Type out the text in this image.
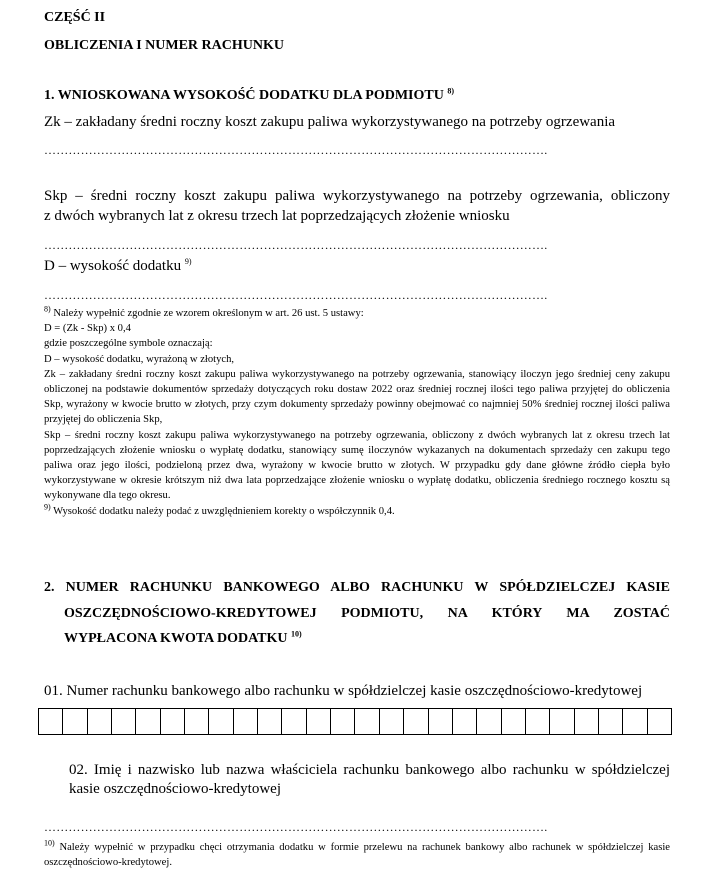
CZĘŚĆ II
OBLICZENIA I NUMER RACHUNKU
1. WNIOSKOWANA WYSOKOŚĆ DODATKU DLA PODMIOTU $^{8)}$
Zk – zakładany średni roczny koszt zakupu paliwa wykorzystywanego na potrzeby ogrzewania
…………………………………………………………………………………………………………….
Skp – średni roczny koszt zakupu paliwa wykorzystywanego na potrzeby ogrzewania, obliczony
z dwóch wybranych lat z okresu trzech lat poprzedzających złożenie wniosku
…………………………………………………………………………………………………………….
D – wysokość dodatku $^{9)}$
…………………………………………………………………………………………………………….

$^{8)}$ Należy wypełnić zgodnie ze wzorem określonym w art. 26 ust. 5 ustawy:

D = (Zk - Skp) x 0,4

gdzie poszczególne symbole oznaczają:

D – wysokość dodatku, wyrażoną w złotych,

Zk – zakładany średni roczny koszt zakupu paliwa wykorzystywanego na potrzeby ogrzewania, stanowiący iloczyn jego średniej ceny zakupu obliczonej na podstawie dokumentów sprzedaży dotyczących roku dostaw 2022 oraz średniej rocznej ilości tego paliwa przyjętej do obliczenia Skp, wyrażony w kwocie brutto w złotych, przy czym dokumenty sprzedaży powinny obejmować co najmniej 50% średniej rocznej ilości paliwa przyjętej do obliczenia Skp,

Skp – średni roczny koszt zakupu paliwa wykorzystywanego na potrzeby ogrzewania, obliczony z dwóch wybranych lat z okresu trzech lat poprzedzających złożenie wniosku o wypłatę dodatku, stanowiący sumę iloczynów wykazanych na dokumentach sprzedaży cen zakupu tego paliwa oraz jego ilości, podzieloną przez dwa, wyrażony w kwocie brutto w złotych. W przypadku gdy dane główne źródło ciepła było wykorzystywane w okresie krótszym niż dwa lata poprzedzające złożenie wniosku o wypłatę dodatku, obliczenia średniego rocznego kosztu są wykonywane dla tego okresu.

$^{9)}$ Wysokość dodatku należy podać z uwzględnieniem korekty o współczynnik 0,4.

2. NUMER RACHUNKU BANKOWEGO ALBO RACHUNKU W SPÓŁDZIELCZEJ KASIE
OSZCZĘDNOŚCIOWO-KREDYTOWEJ PODMIOTU, NA KTÓRY MA ZOSTAĆ
WYPŁACONA KWOTA DODATKU $^{10)}$
01. Numer rachunku bankowego albo rachunku w spółdzielczej kasie oszczędnościowo-kredytowej
02. Imię i nazwisko lub nazwa właściciela rachunku bankowego albo rachunku w spółdzielczej
kasie oszczędnościowo-kredytowej
…………………………………………………………………………………………………………….

$^{10)}$ Należy wypełnić w przypadku chęci otrzymania dodatku w formie przelewu na rachunek bankowy albo rachunek w spółdzielczej kasie oszczędnościowo-kredytowej.
